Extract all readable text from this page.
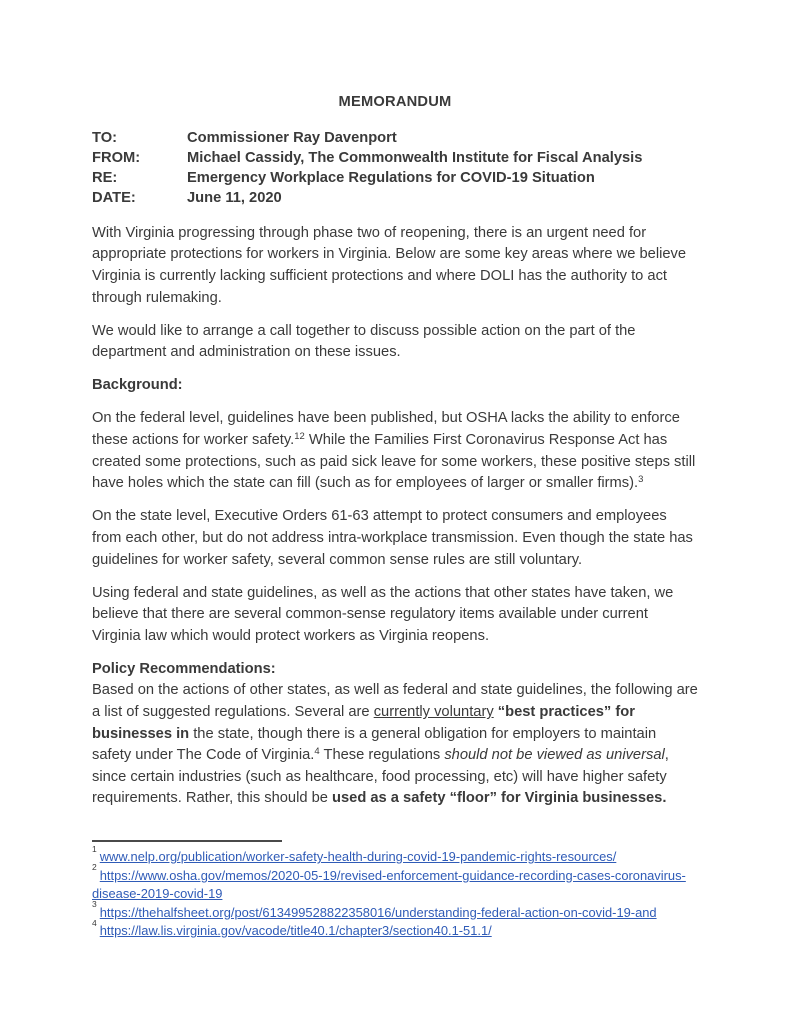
MEMORANDUM
TO:	Commissioner Ray Davenport
FROM:	Michael Cassidy, The Commonwealth Institute for Fiscal Analysis
RE:	Emergency Workplace Regulations for COVID-19 Situation
DATE:	June 11, 2020

With Virginia progressing through phase two of reopening, there is an urgent need for appropriate protections for workers in Virginia. Below are some key areas where we believe Virginia is currently lacking sufficient protections and where DOLI has the authority to act through rulemaking.

We would like to arrange a call together to discuss possible action on the part of the department and administration on these issues.

Background:

On the federal level, guidelines have been published, but OSHA lacks the ability to enforce these actions for worker safety.$^{12}$ While the Families First Coronavirus Response Act has created some protections, such as paid sick leave for some workers, these positive steps still have holes which the state can fill (such as for employees of larger or smaller firms).$^3$

On the state level, Executive Orders 61-63 attempt to protect consumers and employees from each other, but do not address intra-workplace transmission. Even though the state has guidelines for worker safety, several common sense rules are still voluntary.

Using federal and state guidelines, as well as the actions that other states have taken, we believe that there are several common-sense regulatory items available under current Virginia law which would protect workers as Virginia reopens.

Policy Recommendations:

Based on the actions of other states, as well as federal and state guidelines, the following are a list of suggested regulations. Several are currently voluntary “best practices” for businesses in the state, though there is a general obligation for employers to maintain safety under The Code of Virginia.$^4$ These regulations should not be viewed as universal, since certain industries (such as healthcare, food processing, etc) will have higher safety requirements. Rather, this should be used as a safety “floor” for Virginia businesses.

$^1$www.nelp.org/publication/worker-safety-health-during-covid-19-pandemic-rights-resources/
$^2$https://www.osha.gov/memos/2020-05-19/revised-enforcement-guidance-recording-cases-coronavirus-disease-2019-covid-19
$^3$https://thehalfsheet.org/post/613499528822358016/understanding-federal-action-on-covid-19-and
$^4$https://law.lis.virginia.gov/vacode/title40.1/chapter3/section40.1-51.1/
